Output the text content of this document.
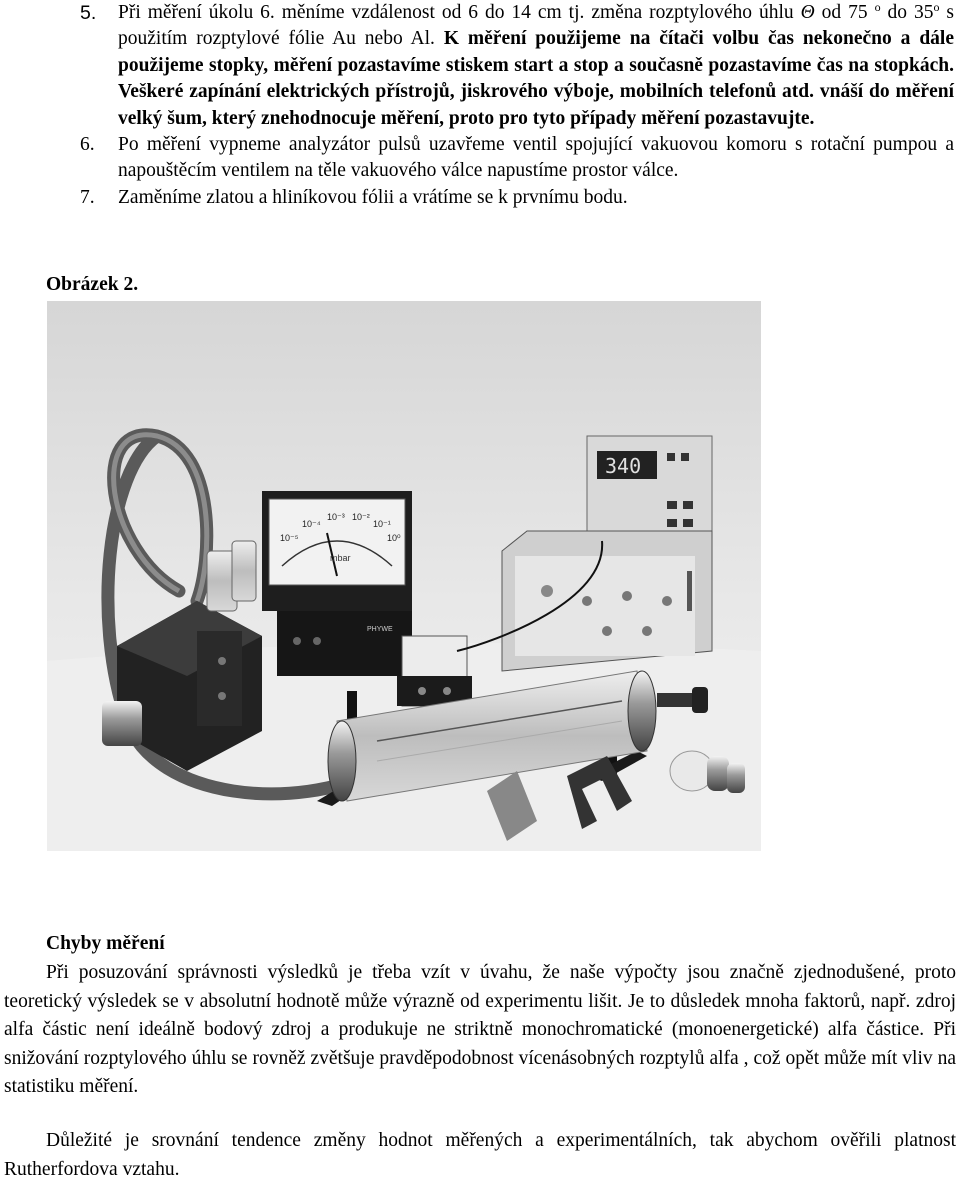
5. Při měření úkolu 6. měníme vzdálenost od 6 do 14 cm tj. změna rozptylového úhlu Θ od 75 $^o$ do 35$^o$ s použitím rozptylové fólie Au nebo Al. K měření použijeme na čítači volbu čas nekonečno a dále použijeme stopky, měření pozastavíme stiskem start a stop a současně pozastavíme čas na stopkách. Veškeré zapínání elektrických přístrojů, jiskrového výboje, mobilních telefonů atd. vnáší do měření velký šum, který znehodnocuje měření, proto pro tyto případy měření pozastavujte.
6. Po měření vypneme analyzátor pulsů uzavřeme ventil spojující vakuovou komoru s rotační pumpou a napouštěcím ventilem na těle vakuového válce napustíme prostor válce.
7. Zaměníme zlatou a hliníkovou fólii a vrátíme se k prvnímu bodu.
Obrázek 2.
10⁻⁵
10⁻⁴
10⁻³ 10⁻²
10⁻¹
10⁰
mbar
PHYWE
340
Chyby měření
Při posuzování správnosti výsledků je třeba vzít v úvahu, že naše výpočty jsou značně zjednodušené, proto teoretický výsledek se v absolutní hodnotě může výrazně od experimentu lišit. Je to důsledek mnoha faktorů, např. zdroj alfa částic není ideálně bodový zdroj a produkuje ne striktně monochromatické (monoenergetické) alfa částice. Při snižování rozptylového úhlu se rovněž zvětšuje pravděpodobnost vícenásobných rozptylů alfa , což opět může mít vliv na statistiku měření.
Důležité je srovnání tendence změny hodnot měřených a experimentálních, tak abychom ověřili platnost Rutherfordova vztahu.
